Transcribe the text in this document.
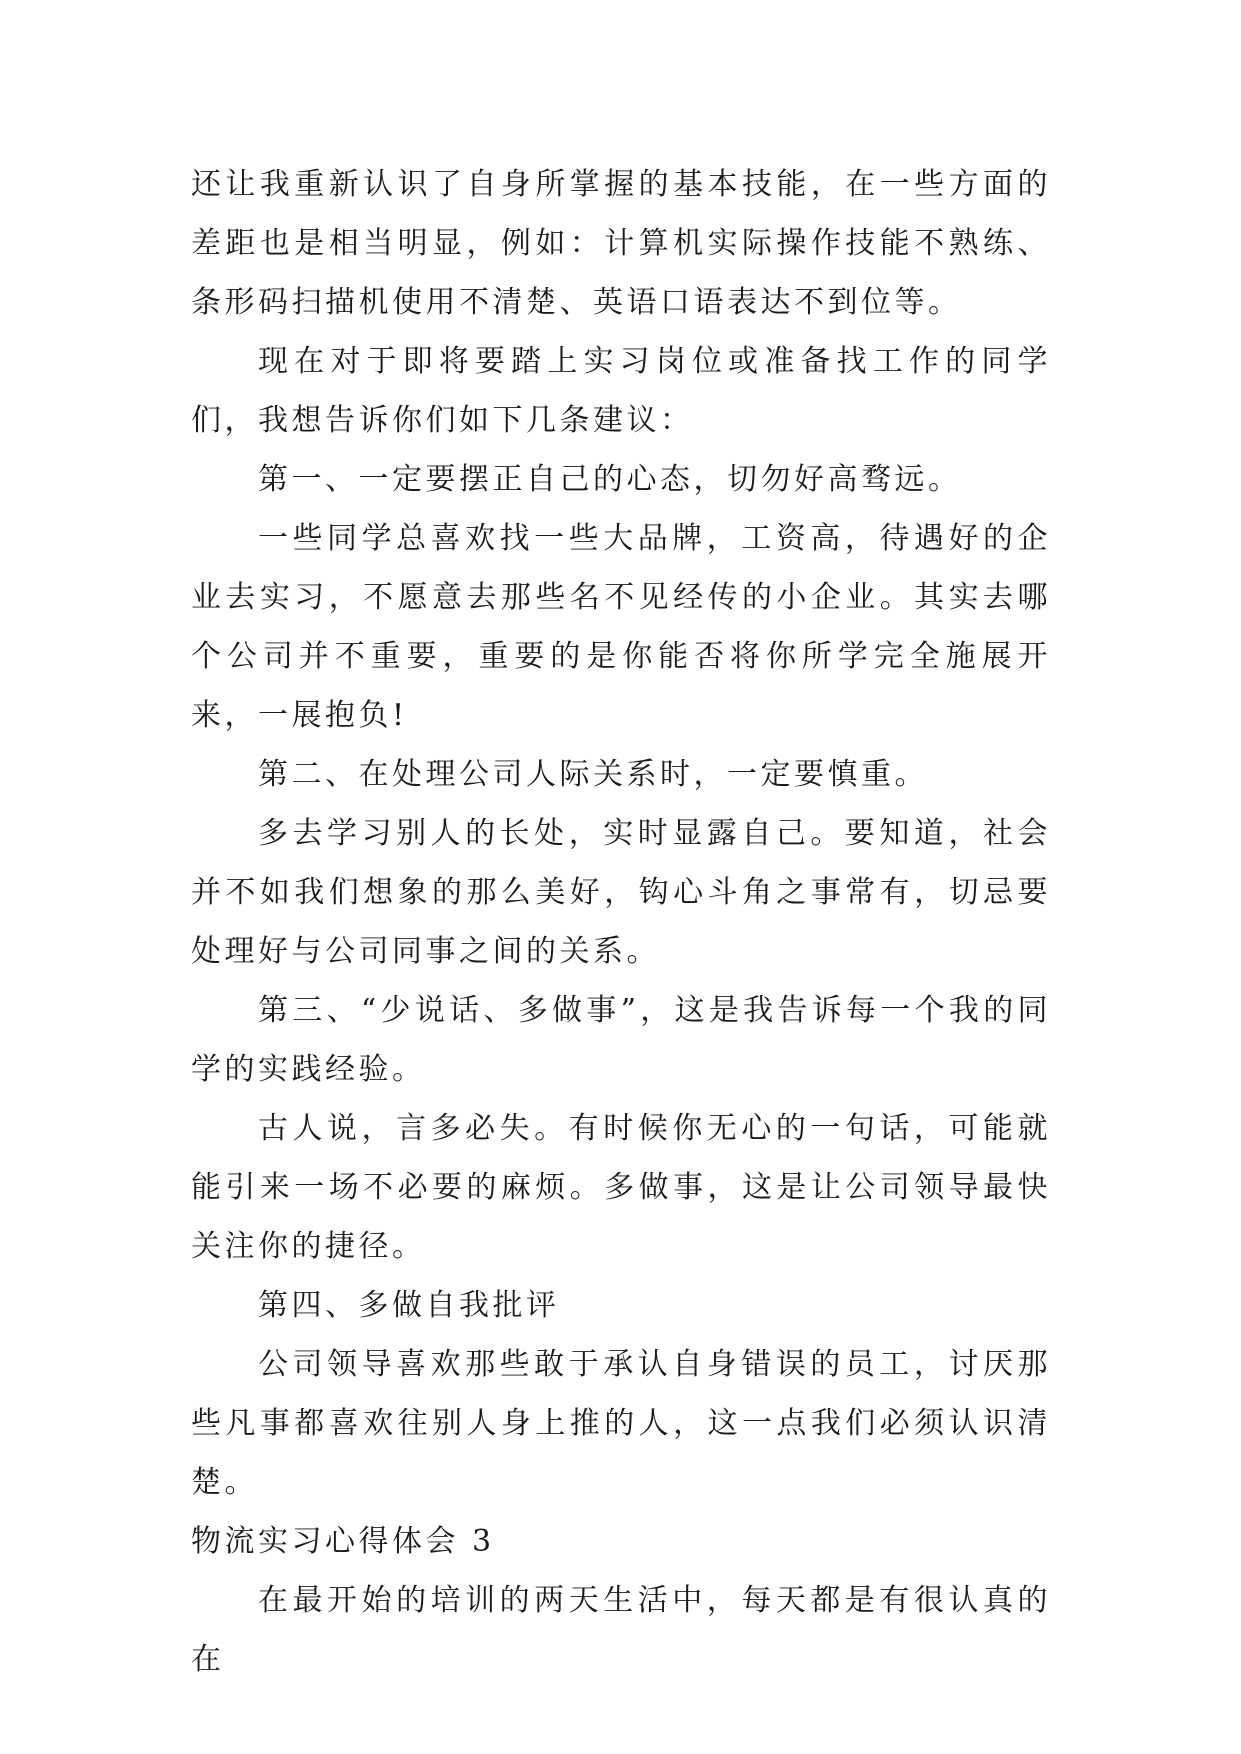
还让我重新认识了自身所掌握的基本技能，在一些方面的差距也是相当明显，例如：计算机实际操作技能不熟练、条形码扫描机使用不清楚、英语口语表达不到位等。

现在对于即将要踏上实习岗位或准备找工作的同学们，我想告诉你们如下几条建议：

第一、一定要摆正自己的心态，切勿好高骛远。

一些同学总喜欢找一些大品牌，工资高，待遇好的企业去实习，不愿意去那些名不见经传的小企业。其实去哪个公司并不重要，重要的是你能否将你所学完全施展开来，一展抱负!

第二、在处理公司人际关系时，一定要慎重。

多去学习别人的长处，实时显露自己。要知道，社会并不如我们想象的那么美好，钩心斗角之事常有，切忌要处理好与公司同事之间的关系。

第三、“少说话、多做事”，这是我告诉每一个我的同学的实践经验。

古人说，言多必失。有时候你无心的一句话，可能就能引来一场不必要的麻烦。多做事，这是让公司领导最快关注你的捷径。

第四、多做自我批评

公司领导喜欢那些敢于承认自身错误的员工，讨厌那些凡事都喜欢往别人身上推的人，这一点我们必须认识清楚。

物流实习心得体会 3

在最开始的培训的两天生活中，每天都是有很认真的在
